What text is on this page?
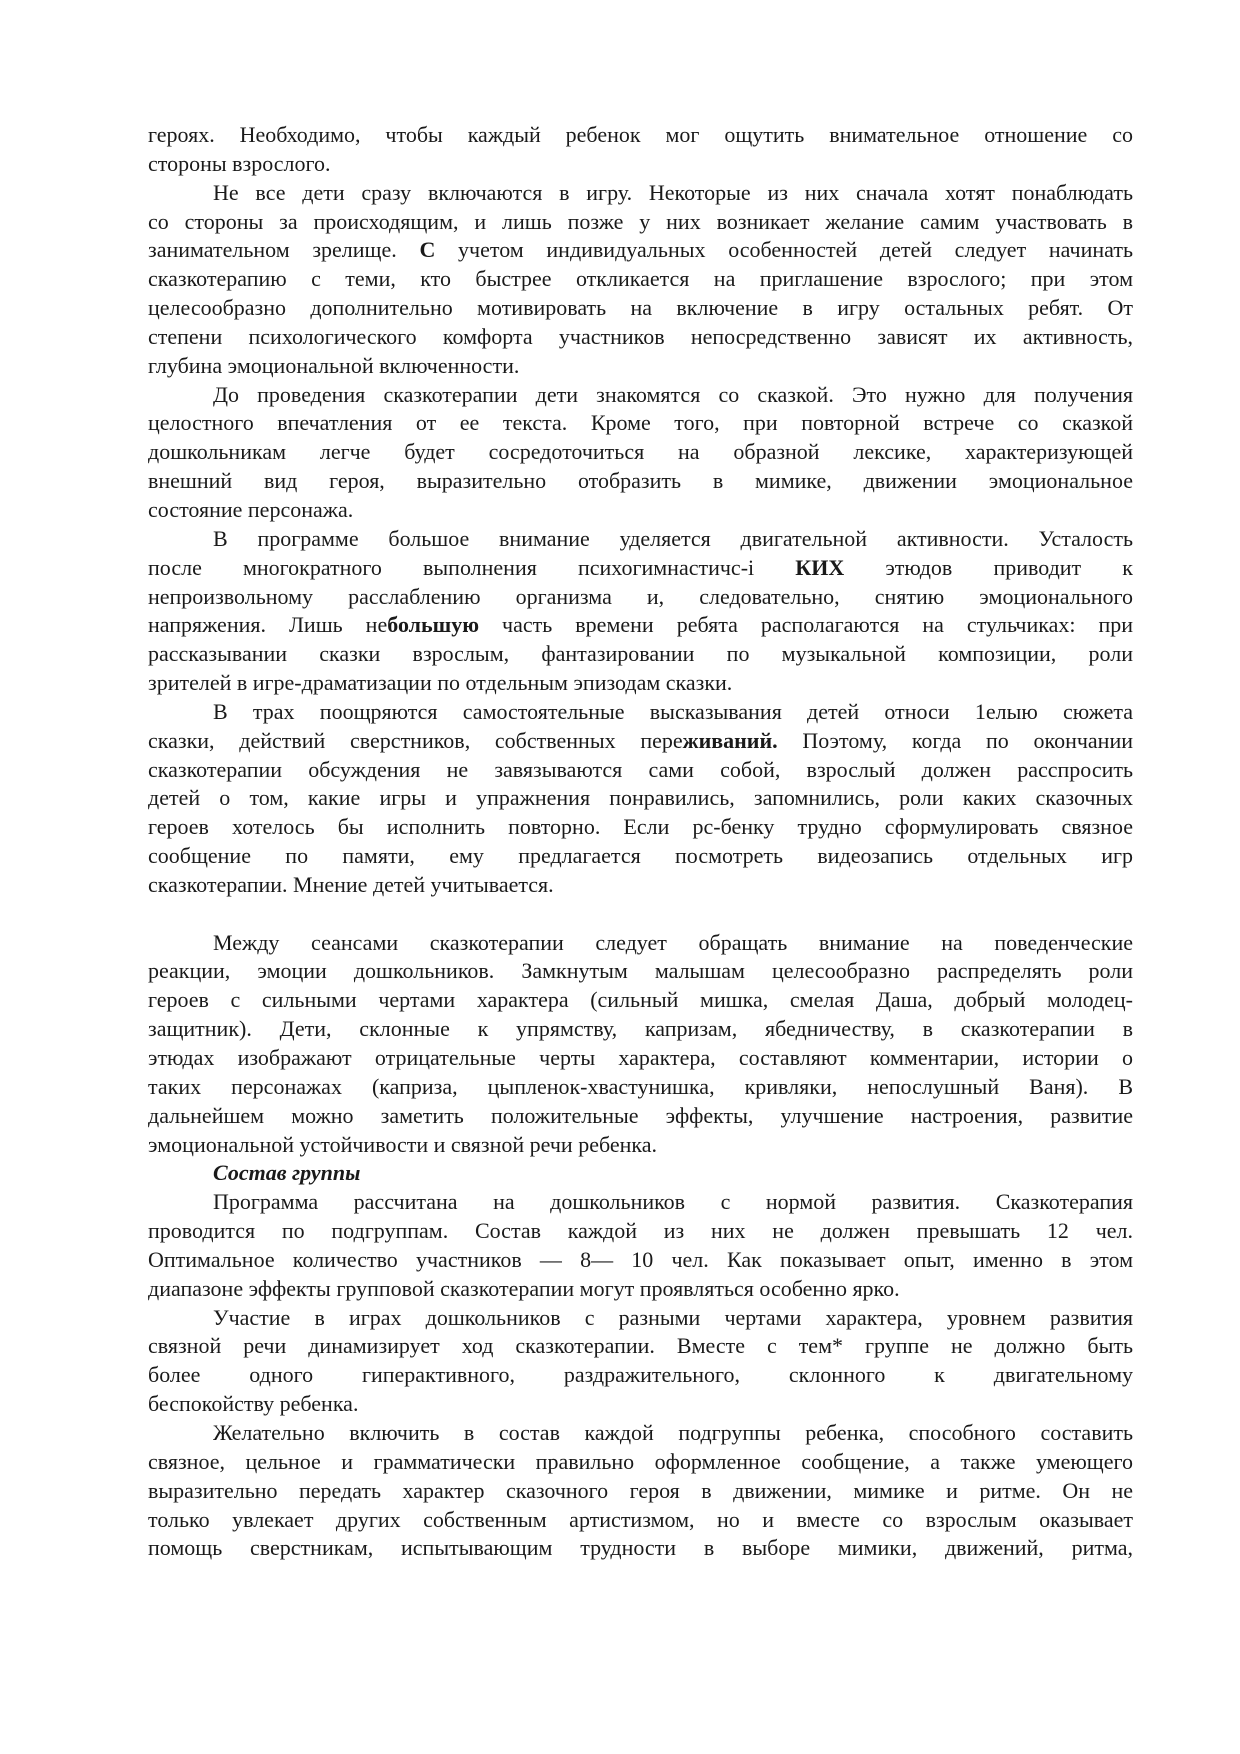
героях. Необходимо, чтобы каждый ребенок мог ощутить внимательное отношение со
стороны взрослого.
Не все дети сразу включаются в игру. Некоторые из них сначала хотят понаблюдать
со стороны за происходящим, и лишь позже у них возникает желание самим участвовать в
занимательном зрелище. С учетом индивидуальных особенностей детей следует начинать
сказкотерапию с теми, кто быстрее откликается на приглашение взрослого; при этом
целесообразно дополнительно мотивировать на включение в игру остальных ребят. От
степени психологического комфорта участников непосредственно зависят их активность,
глубина эмоциональной включенности.
До проведения сказкотерапии дети знакомятся со сказкой. Это нужно для получения
целостного впечатления от ее текста. Кроме того, при повторной встрече со сказкой
дошкольникам легче будет сосредоточиться на образной лексике, характеризующей
внешний вид героя, выразительно отобразить в мимике, движении эмоциональное
состояние персонажа.
В программе большое внимание уделяется двигательной активности. Усталость
после многократного выполнения психогимнастичс-і КИХ этюдов приводит к
непроизвольному расслаблению организма и, следовательно, снятию эмоционального
напряжения. Лишь небольшую часть времени ребята располагаются на стульчиках: при
рассказывании сказки взрослым, фантазировании по музыкальной композиции, роли
зрителей в игре-драматизации по отдельным эпизодам сказки.
В трах поощряются самостоятельные высказывания детей относи 1елыю сюжета
сказки, действий сверстников, собственных переживаний. Поэтому, когда по окончании
сказкотерапии обсуждения не завязываются сами собой, взрослый должен расспросить
детей о том, какие игры и упражнения понравились, запомнились, роли каких сказочных
героев хотелось бы исполнить повторно. Если рс-бенку трудно сформулировать связное
сообщение по памяти, ему предлагается посмотреть видеозапись отдельных игр
сказкотерапии. Мнение детей учитывается.
Между сеансами сказкотерапии следует обращать внимание на поведенческие
реакции, эмоции дошкольников. Замкнутым малышам целесообразно распределять роли
героев с сильными чертами характера (сильный мишка, смелая Даша, добрый молодец-
защитник). Дети, склонные к упрямству, капризам, ябедничеству, в сказкотерапии в
этюдах изображают отрицательные черты характера, составляют комментарии, истории о
таких персонажах (каприза, цыпленок-хвастунишка, кривляки, непослушный Ваня). В
дальнейшем можно заметить положительные эффекты, улучшение настроения, развитие
эмоциональной устойчивости и связной речи ребенка.
Состав группы
Программа рассчитана на дошкольников с нормой развития. Сказкотерапия
проводится по подгруппам. Состав каждой из них не должен превышать 12 чел.
Оптимальное количество участников — 8— 10 чел. Как показывает опыт, именно в этом
диапазоне эффекты групповой сказкотерапии могут проявляться особенно ярко.
Участие в играх дошкольников с разными чертами характера, уровнем развития
связной речи динамизирует ход сказкотерапии. Вместе с тем* группе не должно быть
более одного гиперактивного, раздражительного, склонного к двигательному
беспокойству ребенка.
Желательно включить в состав каждой подгруппы ребенка, способного составить
связное, цельное и грамматически правильно оформленное сообщение, а также умеющего
выразительно передать характер сказочного героя в движении, мимике и ритме. Он не
только увлекает других собственным артистизмом, но и вместе со взрослым оказывает
помощь сверстникам, испытывающим трудности в выборе мимики, движений, ритма,
